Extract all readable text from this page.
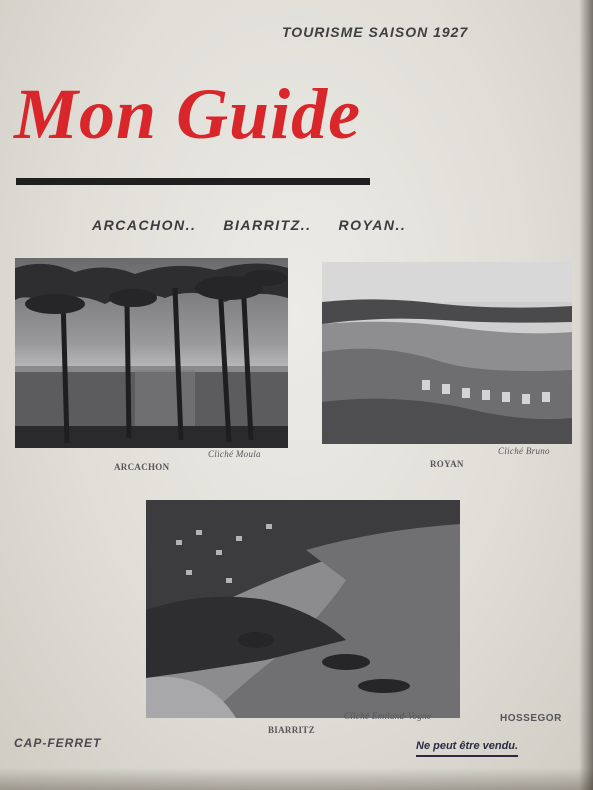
TOURISME SAISON 1927
Mon Guide
ARCACHON.. BIARRITZ.. ROYAN..
ARCACHON
Cliché Moula
ROYAN
Cliché Bruno
BIARRITZ
Cliché Emiland-Vogne
CAP-FERRET
HOSSEGOR
Ne peut être vendu.
